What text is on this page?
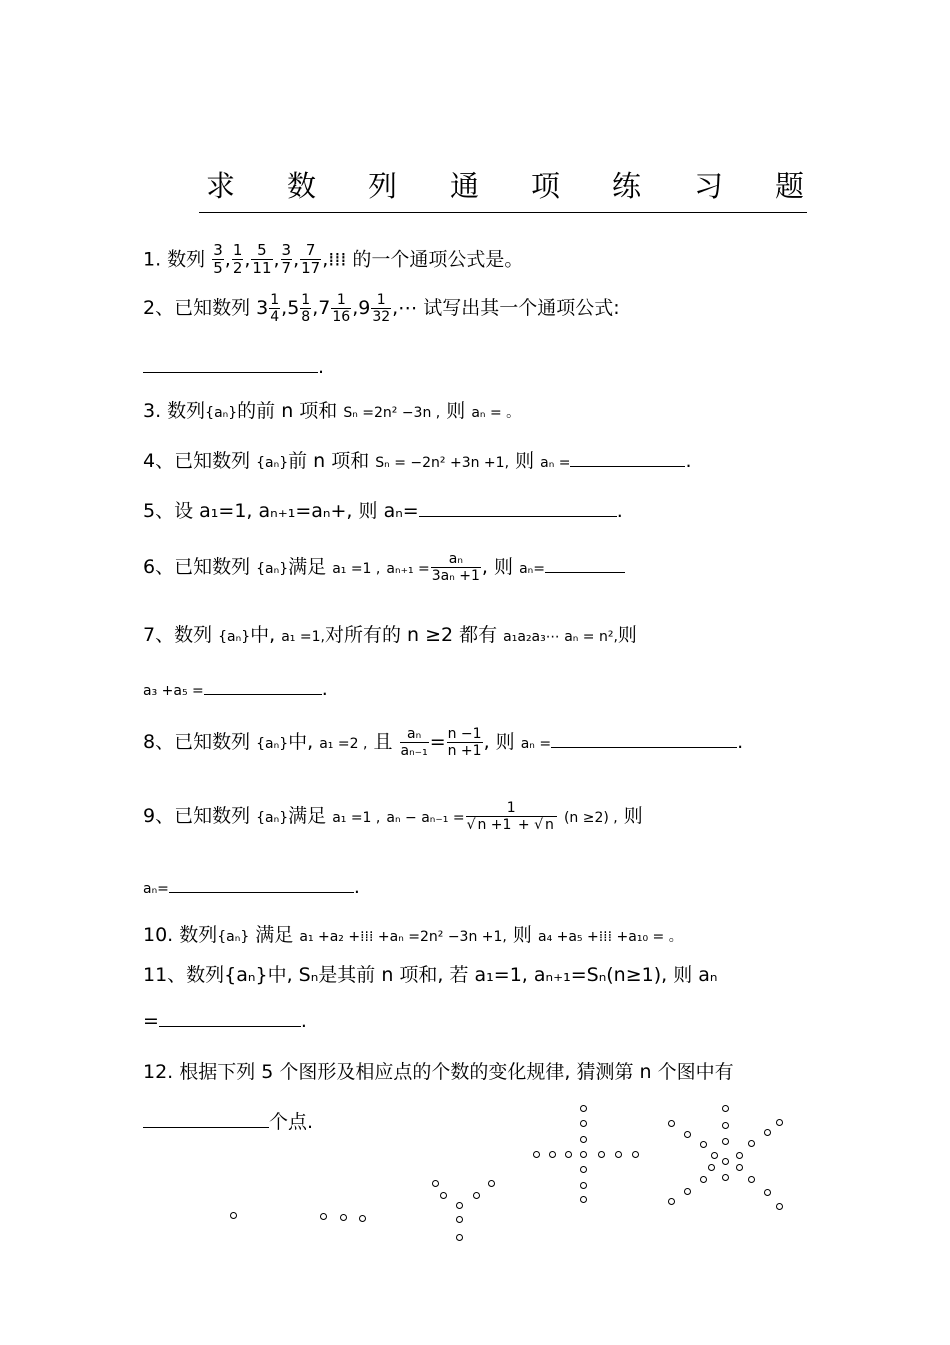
求 数 列 通 项 练 习 题
1. 数列 $\frac{3}{5}$ , $\frac{1}{2}$ , $\frac{5}{11}$ , $\frac{3}{7}$ , $\frac{7}{17}$ ,⁞⁞⁞ 的一个通项公式是。
2、已知数列 $3 \frac{1}{4} ,5 \frac{1}{8} ,7 \frac{1}{16} ,9 \frac{1}{32}$ ,⋯ 试写出其一个通项公式:
.
3. 数列{aₙ}的前 n 项和 Sₙ =2n² −3n , 则 aₙ = 。
4、已知数列 {aₙ}前 n 项和 Sₙ = −2n² +3n +1, 则 aₙ =	.
5、设 a₁=1, aₙ₊₁=aₙ+, 则 aₙ=	.
6、已知数列 {aₙ}满足 a₁ =1 , $a_{n+1} = \frac{\text{aₙ}}{\text{3aₙ +1}}$ , 则 aₙ=
7、数列 {aₙ}中, a₁ =1,对所有的 n ≥2 都有 a₁a₂a₃⋯ aₙ = n²,则
a₃ +a₅ =	.
8、已知数列 {aₙ}中, a₁ =2 , 且 $\frac{\text{aₙ}}{\text{aₙ₋₁}} = \frac{n -1}{n +1}$ , 则 aₙ =	.
9、已知数列 {aₙ}满足 a₁ =1 , $a_n - a_{n-1} = \frac{1}{√ n +1 + √ n} (n \ge 2)$ , 则
aₙ=	.
10. 数列{aₙ} 满足 a₁ +a₂ +⁞⁞⁞ +aₙ =2n² −3n +1, 则 a₄ +a₅ +⁞⁞⁞ +a₁₀ = 。
11、数列{aₙ}中, Sₙ是其前 n 项和, 若 a₁=1, aₙ₊₁=Sₙ(n≥1), 则 aₙ
=	.
12. 根据下列 5 个图形及相应点的个数的变化规律, 猜测第 n 个图中有
个点.
